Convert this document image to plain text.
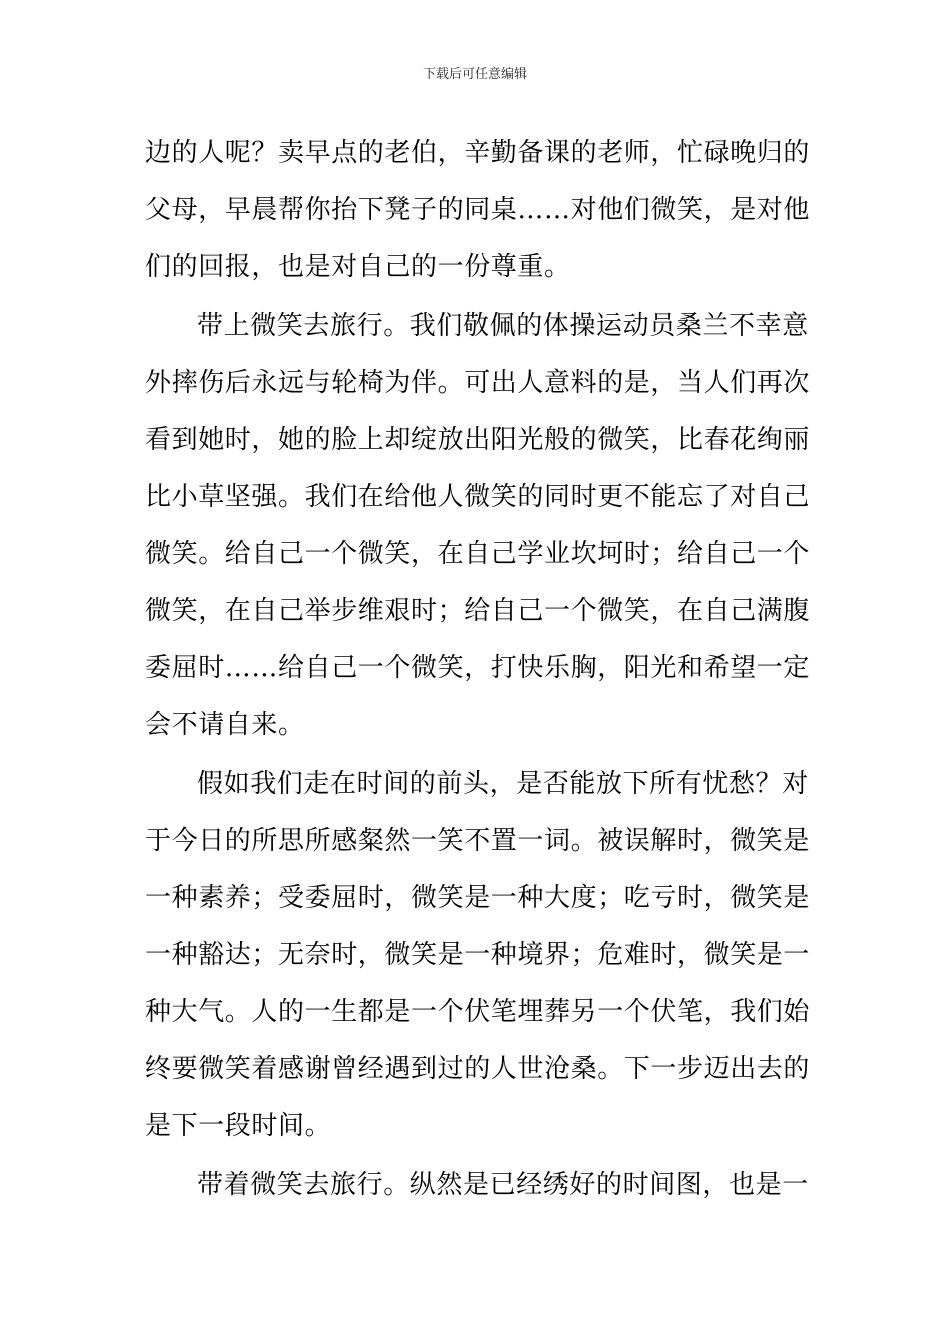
下载后可任意编辑
边的人呢？卖早点的老伯，辛勤备课的老师，忙碌晚归的
父母，早晨帮你抬下凳子的同桌……对他们微笑，是对他
们的回报，也是对自己的一份尊重。
带上微笑去旅行。我们敬佩的体操运动员桑兰不幸意
外摔伤后永远与轮椅为伴。可出人意料的是，当人们再次
看到她时，她的脸上却绽放出阳光般的微笑，比春花绚丽
比小草坚强。我们在给他人微笑的同时更不能忘了对自己
微笑。给自己一个微笑，在自己学业坎坷时；给自己一个
微笑，在自己举步维艰时；给自己一个微笑，在自己满腹
委屈时……给自己一个微笑，打快乐胸，阳光和希望一定
会不请自来。
假如我们走在时间的前头，是否能放下所有忧愁？对
于今日的所思所感粲然一笑不置一词。被误解时，微笑是
一种素养；受委屈时，微笑是一种大度；吃亏时，微笑是
一种豁达；无奈时，微笑是一种境界；危难时，微笑是一
种大气。人的一生都是一个伏笔埋葬另一个伏笔，我们始
终要微笑着感谢曾经遇到过的人世沧桑。下一步迈出去的
是下一段时间。
带着微笑去旅行。纵然是已经绣好的时间图，也是一
